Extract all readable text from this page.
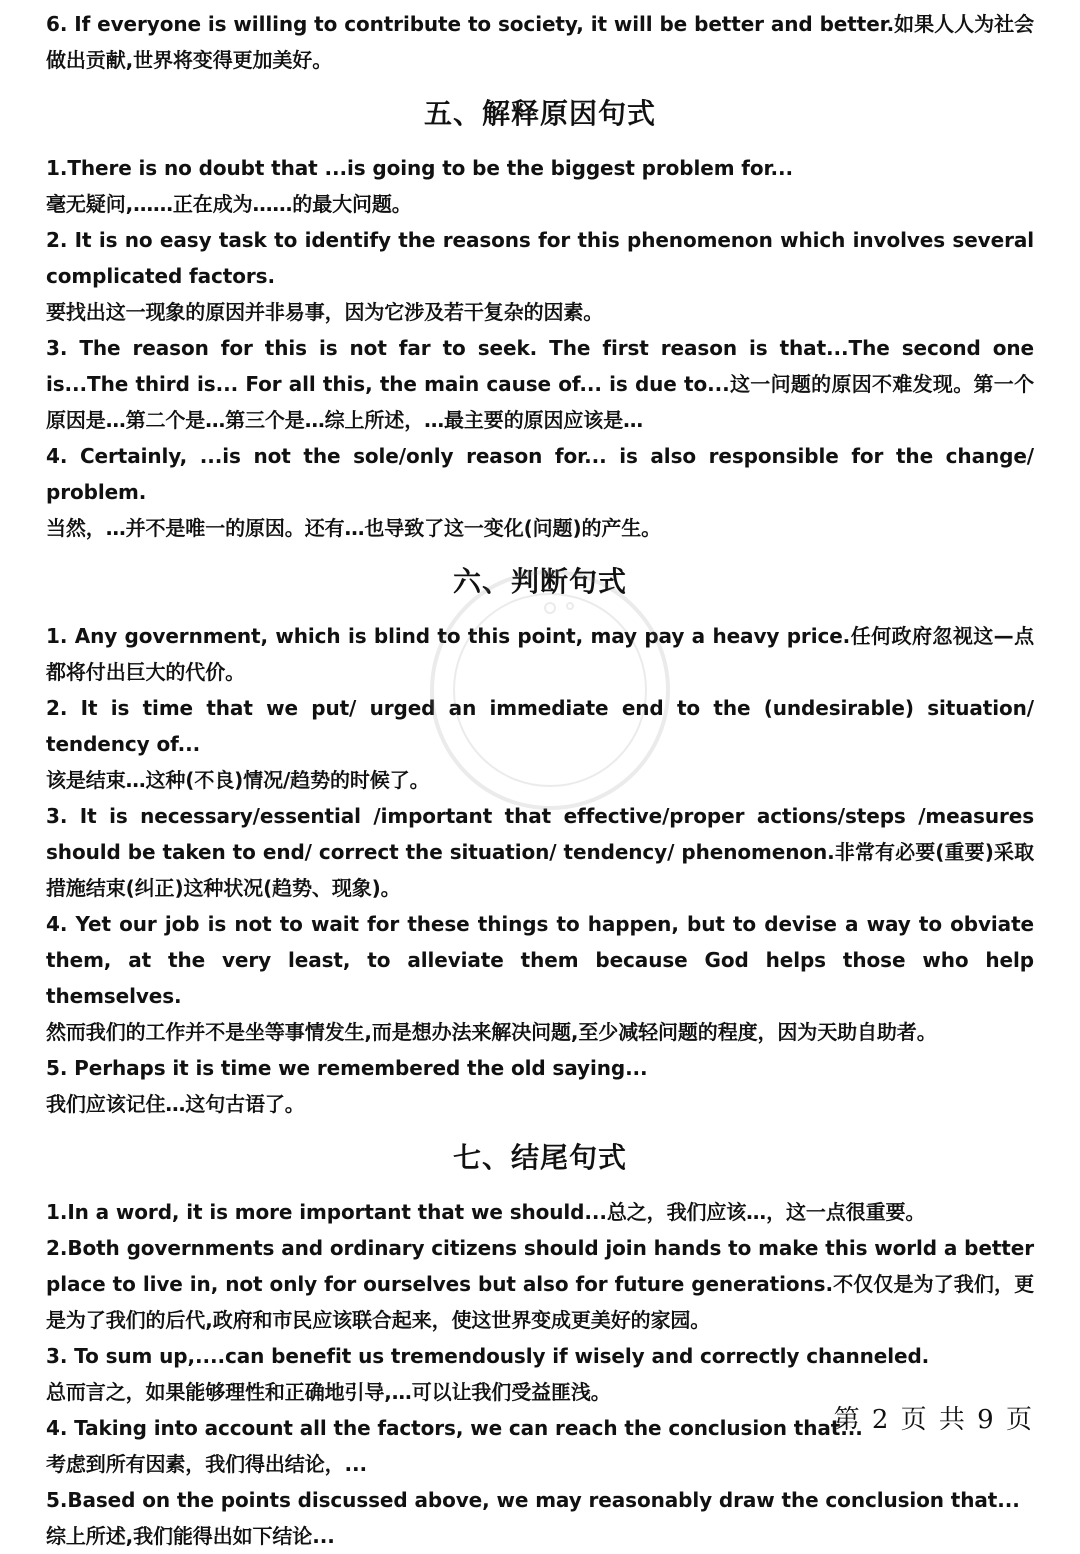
6. If everyone is willing to contribute to society, it will be better and better.如果人人为社会做出贡献,世界将变得更加美好。

五、解释原因句式

1.There is no doubt that ...is going to be the biggest problem for...

毫无疑问,……正在成为……的最大问题。

2. It is no easy task to identify the reasons for this phenomenon which involves several complicated factors.

要找出这一现象的原因并非易事，因为它涉及若干复杂的因素。

3. The reason for this is not far to seek. The first reason is that...The second one is...The third is... For all this, the main cause of... is due to...这一问题的原因不难发现。第一个原因是…第二个是…第三个是…综上所述，…最主要的原因应该是…

4. Certainly, ...is not the sole/only reason for... is also responsible for the change/ problem.

当然，…并不是唯一的原因。还有…也导致了这一变化(问题)的产生。

六、判断句式

1. Any government, which is blind to this point, may pay a heavy price.任何政府忽视这—点都将付出巨大的代价。

2. It is time that we put/ urged an immediate end to the (undesirable) situation/ tendency of...

该是结束…这种(不良)情况/趋势的时候了。

3. It is necessary/essential /important that effective/proper actions/steps /measures should be taken to end/ correct the situation/ tendency/ phenomenon.非常有必要(重要)采取措施结束(纠正)这种状况(趋势、现象)。

4. Yet our job is not to wait for these things to happen, but to devise a way to obviate them, at the very least, to alleviate them because God helps those who help themselves.

然而我们的工作并不是坐等事情发生,而是想办法来解决问题,至少减轻问题的程度，因为天助自助者。

5. Perhaps it is time we remembered the old saying...

我们应该记住…这句古语了。

七、结尾句式

1.In a word, it is more important that we should...总之，我们应该…，这一点很重要。

2.Both governments and ordinary citizens should join hands to make this world a better place to live in, not only for ourselves but also for future generations.不仅仅是为了我们，更是为了我们的后代,政府和市民应该联合起来，使这世界变成更美好的家园。

3. To sum up,....can benefit us tremendously if wisely and correctly channeled.

总而言之，如果能够理性和正确地引导,…可以让我们受益匪浅。

4. Taking into account all the factors, we can reach the conclusion that...

考虑到所有因素，我们得出结论，...

5.Based on the points discussed above, we may reasonably draw the conclusion that...

综上所述,我们能得出如下结论...

第 2 页 共 9 页
